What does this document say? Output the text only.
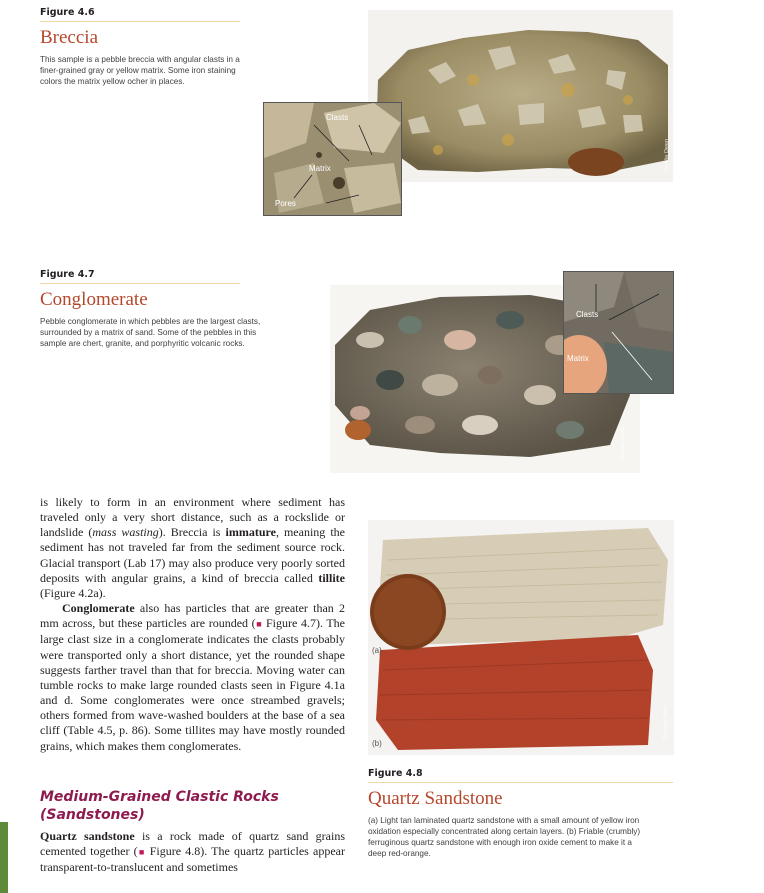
Figure 4.6
Breccia
This sample is a pebble breccia with angular clasts in a finer-grained gray or yellow matrix. Some iron staining colors the matrix yellow ocher in places.
Claudia Owen
Clasts
Matrix
Pores
Figure 4.7
Conglomerate
Pebble conglomerate in which pebbles are the largest clasts, surrounded by a matrix of sand. Some of the pebbles in this sample are chert, granite, and porphyritic volcanic rocks.
Claudia Owen
Clasts
Matrix

is likely to form in an environment where sediment has traveled only a very short distance, such as a rockslide or landslide (mass wasting). Breccia is immature, meaning the sediment has not traveled far from the sediment source rock. Glacial transport (Lab 17) may also produce very poorly sorted deposits with angular grains, a kind of breccia called tillite (Figure 4.2a).

Conglomerate also has particles that are greater than 2 mm across, but these particles are rounded (■ Figure 4.7). The large clast size in a conglomerate indicates the clasts probably were transported only a short distance, yet the rounded shape suggests farther travel than that for breccia. Moving water can tumble rocks to make large rounded clasts seen in Figure 4.1a and d. Some conglomerates were once streambed gravels; others formed from wave-washed boulders at the base of a sea cliff (Table 4.5, p. 86). Some tillites may have mostly rounded grains, which makes them conglomerates.

Medium-Grained Clastic Rocks (Sandstones)

Quartz sandstone is a rock made of quartz sand grains cemented together (■ Figure 4.8). The quartz particles appear transparent-to-translucent and sometimes

(a)
(b)
Claudia Owen
Figure 4.8
Quartz Sandstone
(a) Light tan laminated quartz sandstone with a small amount of yellow iron oxidation especially concentrated along certain layers. (b) Friable (crumbly) ferruginous quartz sandstone with enough iron oxide cement to make it a deep red-orange.
